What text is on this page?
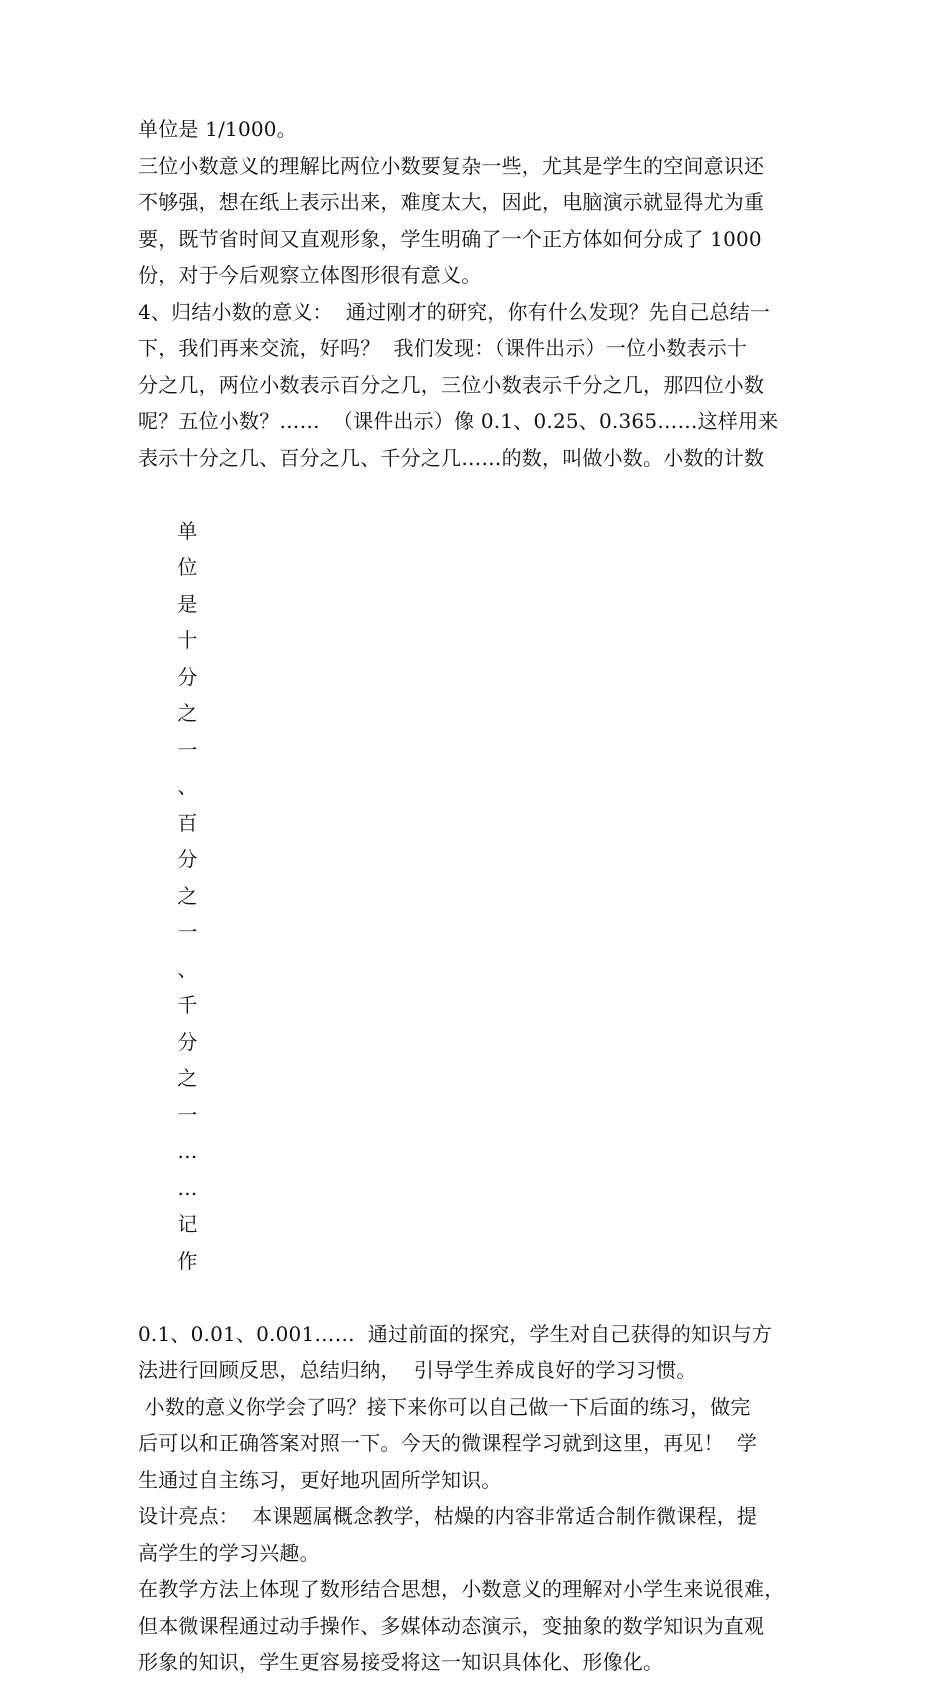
单位是 1/1000。

三位小数意义的理解比两位小数要复杂一些，尤其是学生的空间意识还
不够强，想在纸上表示出来，难度太大，因此，电脑演示就显得尤为重
要，既节省时间又直观形象，学生明确了一个正方体如何分成了 1000
份，对于今后观察立体图形很有意义。

4、归结小数的意义：  通过刚才的研究，你有什么发现？先自己总结一
下，我们再来交流，好吗？  我们发现：（课件出示）一位小数表示十
分之几，两位小数表示百分之几，三位小数表示千分之几，那四位小数
呢？五位小数？……  （课件出示）像 0.1、0.25、0.365……这样用来
表示十分之几、百分之几、千分之几……的数，叫做小数。小数的计数

单
位
是
十
分
之
一
、
百
分
之
一
、
千
分
之
一
…
…
记
作

0.1、0.01、0.001……  通过前面的探究，学生对自己获得的知识与方
法进行回顾反思，总结归纳，  引导学生养成良好的学习习惯。

小数的意义你学会了吗？接下来你可以自己做一下后面的练习，做完
后可以和正确答案对照一下。今天的微课程学习就到这里，再见！  学
生通过自主练习，更好地巩固所学知识。

设计亮点：  本课题属概念教学，枯燥的内容非常适合制作微课程，提
高学生的学习兴趣。

在教学方法上体现了数形结合思想，小数意义的理解对小学生来说很难，
但本微课程通过动手操作、多媒体动态演示，变抽象的数学知识为直观
形象的知识，学生更容易接受将这一知识具体化、形像化。
